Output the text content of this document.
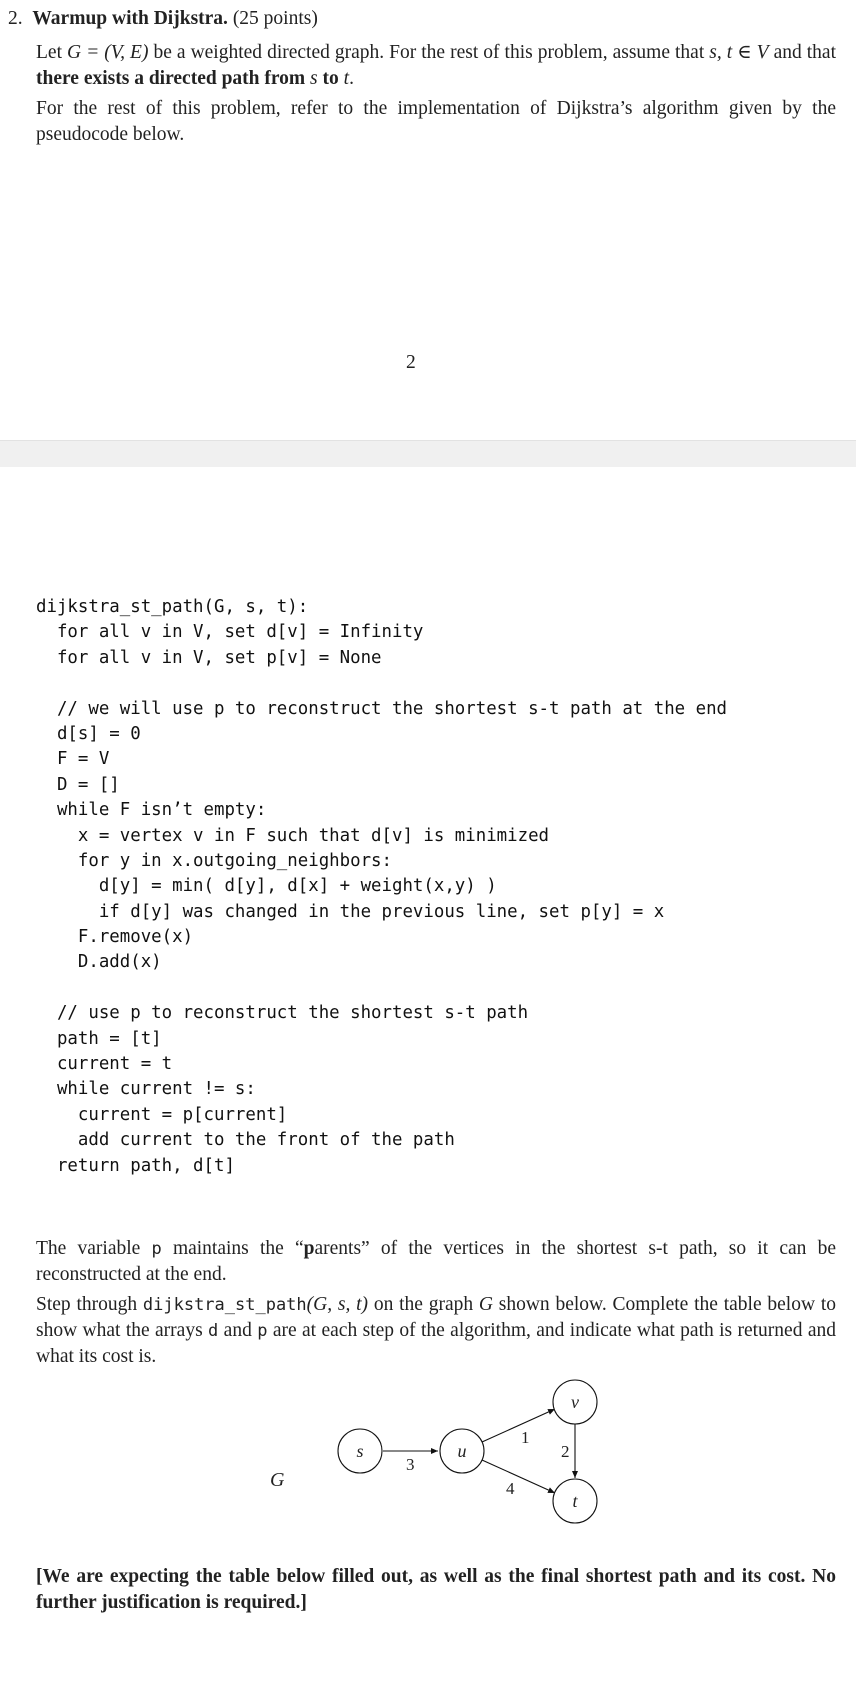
2. Warmup with Dijkstra. (25 points)
Let G = (V, E) be a weighted directed graph. For the rest of this problem, assume that s, t ∈ V and that there exists a directed path from s to t.
For the rest of this problem, refer to the implementation of Dijkstra’s algorithm given by the pseudocode below.
2
dijkstra_st_path(G, s, t):
for all v in V, set d[v] = Infinity
for all v in V, set p[v] = None
// we will use p to reconstruct the shortest s-t path at the end
d[s] = 0
F = V
D = []
while F isn’t empty:
x = vertex v in F such that d[v] is minimized
for y in x.outgoing_neighbors:
d[y] = min( d[y], d[x] + weight(x,y) )
if d[y] was changed in the previous line, set p[y] = x
F.remove(x)
D.add(x)
// use p to reconstruct the shortest s-t path
path = [t]
current = t
while current != s:
current = p[current]
add current to the front of the path
return path, d[t]
The variable p maintains the “parents” of the vertices in the shortest s-t path, so it can be reconstructed at the end.
Step through dijkstra_st_path(G, s, t) on the graph G shown below. Complete the table below to show what the arrays d and p are at each step of the algorithm, and indicate what path is returned and what its cost is.
G
3
1
4
2
s	u
v
t
[We are expecting the table below filled out, as well as the final shortest path and its cost. No further justification is required.]
